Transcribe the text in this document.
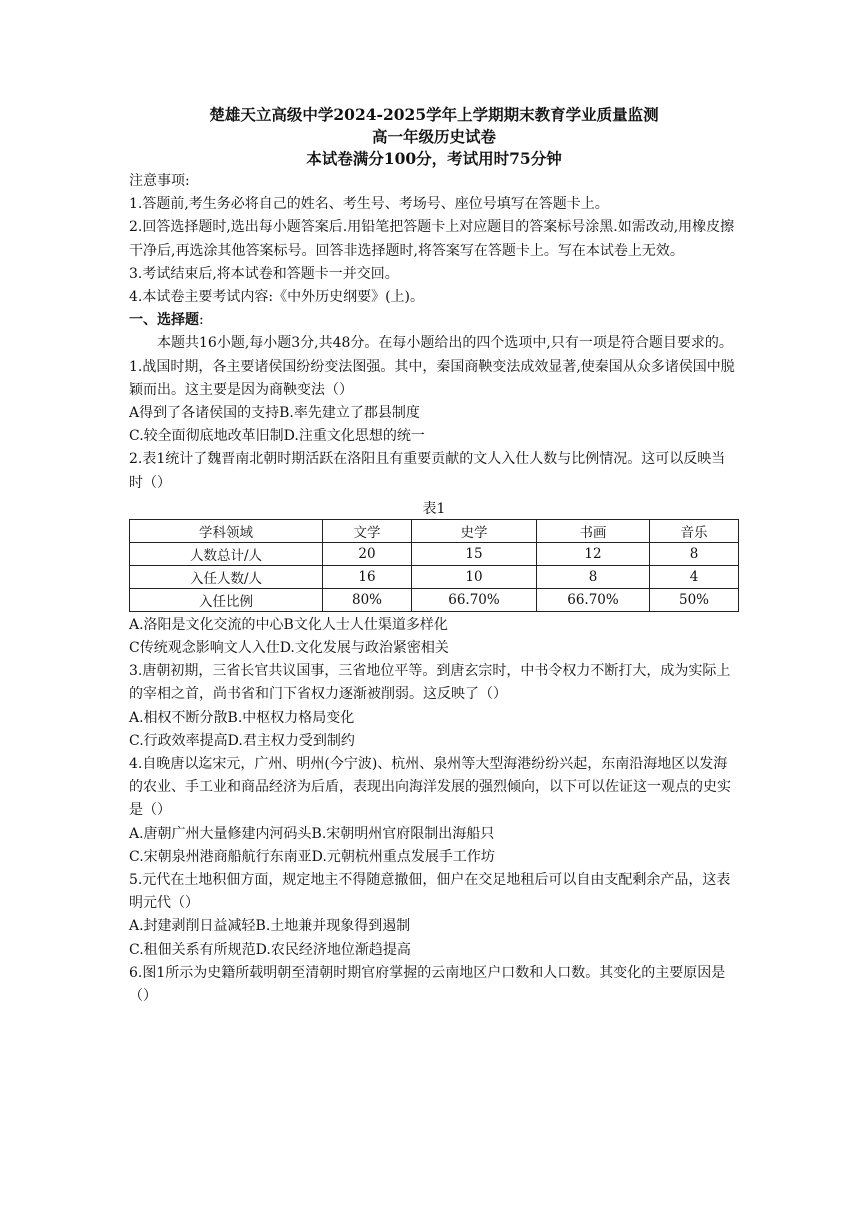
楚雄天立高级中学2024-2025学年上学期期末教育学业质量监测
高一年级历史试卷
本试卷满分100分，考试用时75分钟

注意事项:

1.答题前,考生务必将自己的姓名、考生号、考场号、座位号填写在答题卡上。

2.回答选择题时,选出每小题答案后.用铅笔把答题卡上对应题目的答案标号涂黑.如需改动,用橡皮擦干净后,再选涂其他答案标号。回答非选择题时,将答案写在答题卡上。写在本试卷上无效。

3.考试结束后,将本试卷和答题卡一并交回。

4.本试卷主要考试内容:《中外历史纲要》(上)。

一、选择题:

本题共16小题,每小题3分,共48分。在每小题给出的四个选项中,只有一项是符合题目要求的。

1.战国时期，各主要诸侯国纷纷变法图强。其中，秦国商鞅变法成效显著,使秦国从众多诸侯国中脱颖而出。这主要是因为商鞅变法（）

A得到了各诸侯国的支持B.率先建立了郡县制度

C.较全面彻底地改革旧制D.注重文化思想的统一

2.表1统计了魏晋南北朝时期活跃在洛阳且有重要贡献的文人入仕人数与比例情况。这可以反映当时（）

表1
学科领域	文学	史学	书画	音乐
人数总计/人	20	15	12	8
入任人数/人	16	10	8	4
入任比例	80%	66.70%	66.70%	50%

A.洛阳是文化交流的中心B文化人士人仕渠道多样化

C传统观念影响文人入仕D.文化发展与政治紧密相关

3.唐朝初期，三省长官共议国事，三省地位平等。到唐玄宗时，中书令权力不断打大，成为实际上的宰相之首，尚书省和门下省权力逐渐被削弱。这反映了（）

A.相权不断分散B.中枢权力格局变化

C.行政效率提高D.君主权力受到制约

4.自晚唐以迄宋元，广州、明州(今宁波)、杭州、泉州等大型海港纷纷兴起，东南沿海地区以发海的农业、手工业和商品经济为后盾，表现出向海洋发展的强烈倾向，以下可以佐证这一观点的史实是（）

A.唐朝广州大量修建内河码头B.宋朝明州官府限制出海船只

C.宋朝泉州港商船航行东南亚D.元朝杭州重点发展手工作坊

5.元代在土地积佃方面，规定地主不得随意撤佃，佃户在交足地租后可以自由支配剩余产品，这表明元代（）

A.封建剥削日益减轻B.土地兼并现象得到遏制

C.租佃关系有所规范D.农民经济地位渐趋提高

6.图1所示为史籍所载明朝至清朝时期官府掌握的云南地区户口数和人口数。其变化的主要原因是（）
